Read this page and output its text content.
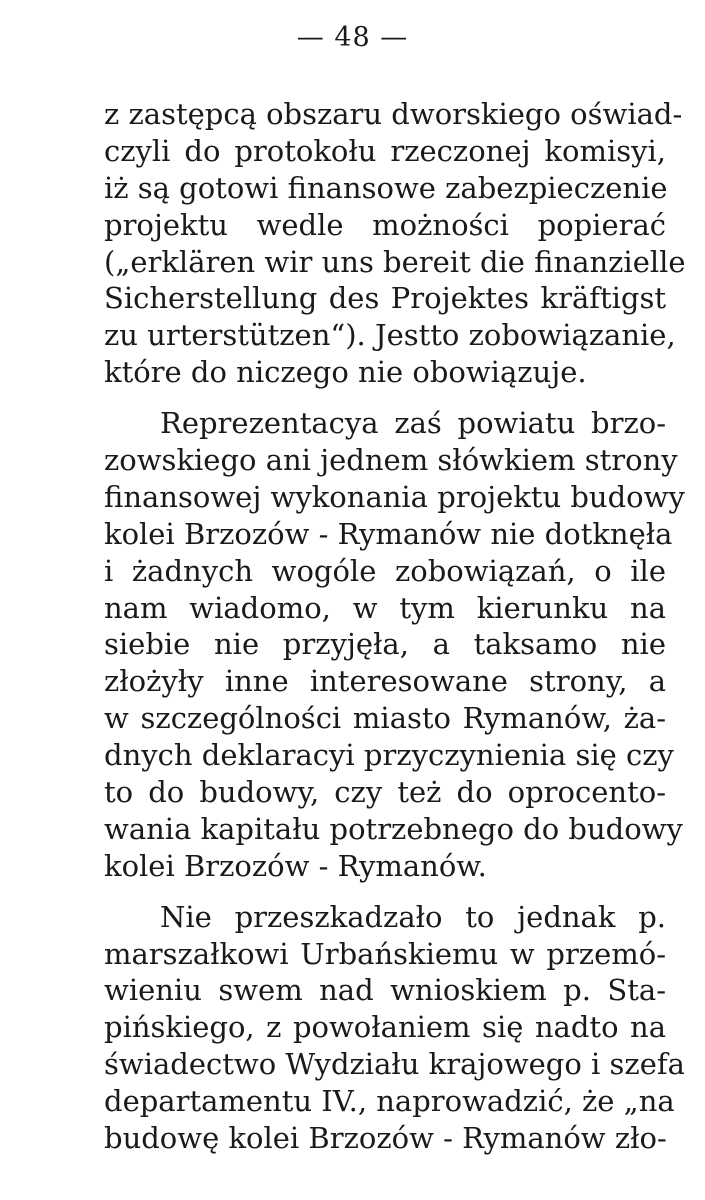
— 48 —
z zastępcą obszaru dworskiego oświad-
czyli do protokołu rzeczonej komisyi,
iż są gotowi finansowe zabezpieczenie
projektu wedle możności popierać
(„erklären wir uns bereit die finanzielle
Sicherstellung des Projektes kräftigst
zu urterstützen“). Jestto zobowiązanie,
które do niczego nie obowiązuje.
Reprezentacya zaś powiatu brzo-
zowskiego ani jednem słówkiem strony
finansowej wykonania projektu budowy
kolei Brzozów - Rymanów nie dotknęła
i żadnych wogóle zobowiązań, o ile
nam wiadomo, w tym kierunku na
siebie nie przyjęła, a taksamo nie
złożyły inne interesowane strony, a
w szczególności miasto Rymanów, ża-
dnych deklaracyi przyczynienia się czy
to do budowy, czy też do oprocento-
wania kapitału potrzebnego do budowy
kolei Brzozów - Rymanów.
Nie przeszkadzało to jednak p.
marszałkowi Urbańskiemu w przemó-
wieniu swem nad wnioskiem p. Sta-
pińskiego, z powołaniem się nadto na
świadectwo Wydziału krajowego i szefa
departamentu IV., naprowadzić, że „na
budowę kolei Brzozów - Rymanów zło-
